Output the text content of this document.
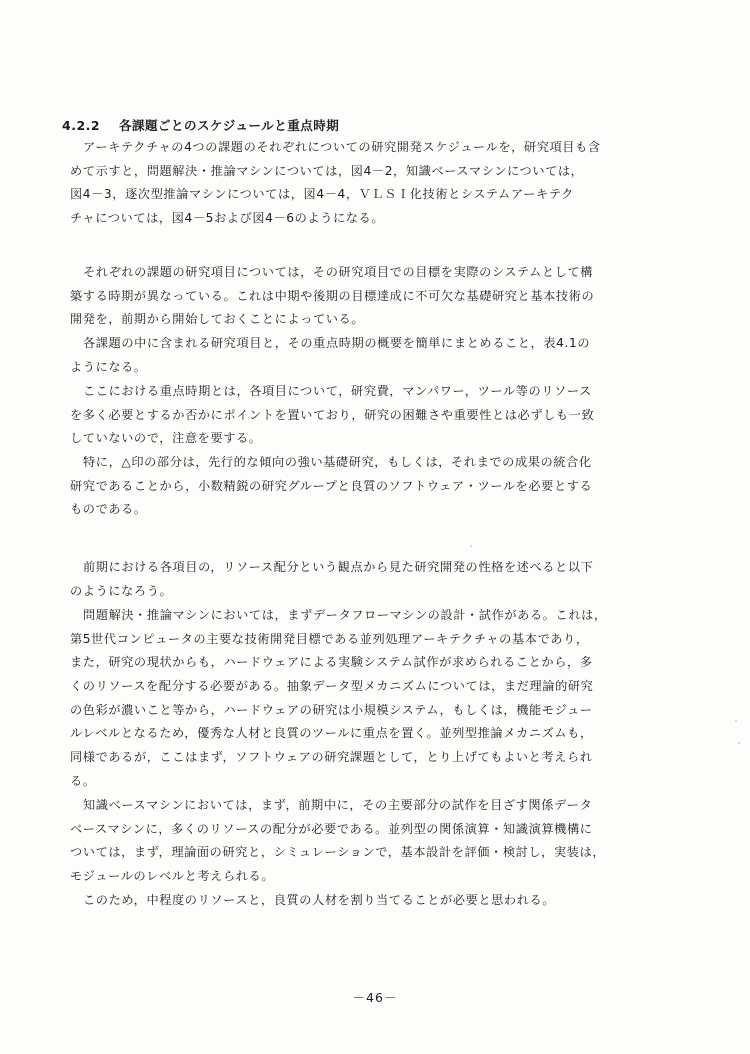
4.2.2 各課題ごとのスケジュールと重点時期
アーキテクチャの4つの課題のそれぞれについての研究開発スケジュールを，研究項目も含
めて示すと，問題解決・推論マシンについては，図4－2，知識ベースマシンについては，
図4－3，逐次型推論マシンについては，図4－4，ＶＬＳＩ化技術とシステムアーキテク
チャについては，図4－5および図4－6のようになる。
それぞれの課題の研究項目については，その研究項目での目標を実際のシステムとして構
築する時期が異なっている。これは中期や後期の目標達成に不可欠な基礎研究と基本技術の
開発を，前期から開始しておくことによっている。
各課題の中に含まれる研究項目と，その重点時期の概要を簡単にまとめること，表4.1の
ようになる。
ここにおける重点時期とは，各項目について，研究費，マンパワー，ツール等のリソース
を多く必要とするか否かにポイントを置いており，研究の困難さや重要性とは必ずしも一致
していないので，注意を要する。
特に，△印の部分は，先行的な傾向の強い基礎研究，もしくは，それまでの成果の統合化
研究であることから，小数精鋭の研究グループと良質のソフトウェア・ツールを必要とする
ものである。
前期における各項目の，リソース配分という観点から見た研究開発の性格を述べると以下
のようになろう。
問題解決・推論マシンにおいては，まずデータフローマシンの設計・試作がある。これは，
第5世代コンピュータの主要な技術開発目標である並列処理アーキテクチャの基本であり，
また，研究の現状からも，ハードウェアによる実験システム試作が求められることから，多
くのリソースを配分する必要がある。抽象データ型メカニズムについては，まだ理論的研究
の色彩が濃いこと等から，ハードウェアの研究は小規模システム，もしくは，機能モジュー
ルレベルとなるため，優秀な人材と良質のツールに重点を置く。並列型推論メカニズムも，
同様であるが，ここはまず，ソフトウェアの研究課題として，とり上げてもよいと考えられ
る。
知識ベースマシンにおいては，まず，前期中に，その主要部分の試作を目ざす関係データ
ベースマシンに，多くのリソースの配分が必要である。並列型の関係演算・知識演算機構に
ついては，まず，理論面の研究と，シミュレーションで，基本設計を評価・検討し，実装は，
モジュールのレベルと考えられる。
このため，中程度のリソースと，良質の人材を割り当てることが必要と思われる。
－46－
